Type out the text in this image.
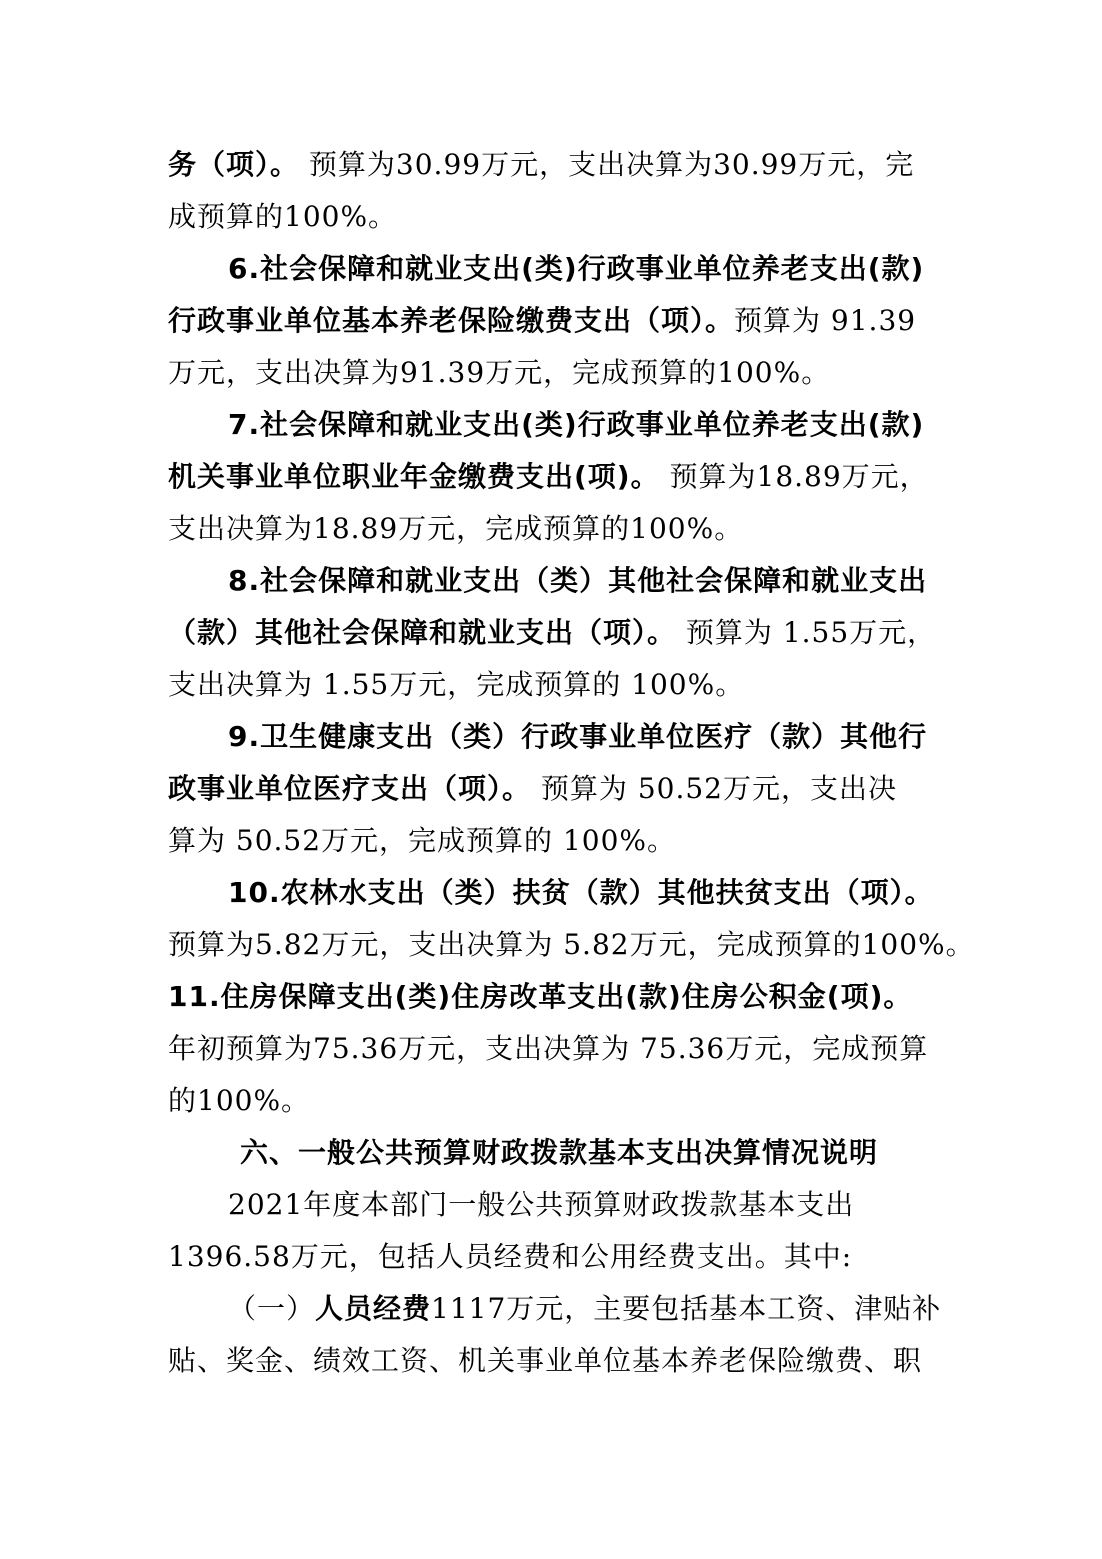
务（项）。 预算为30.99万元，支出决算为30.99万元，完
成预算的100%。
6.社会保障和就业支出(类)行政事业单位养老支出(款)
行政事业单位基本养老保险缴费支出（项）。预算为 91.39
万元，支出决算为91.39万元，完成预算的100%。
7.社会保障和就业支出(类)行政事业单位养老支出(款)
机关事业单位职业年金缴费支出(项)。 预算为18.89万元，
支出决算为18.89万元，完成预算的100%。
8.社会保障和就业支出（类）其他社会保障和就业支出
（款）其他社会保障和就业支出（项）。 预算为 1.55万元，
支出决算为 1.55万元，完成预算的 100%。
9.卫生健康支出（类）行政事业单位医疗（款）其他行
政事业单位医疗支出（项）。 预算为 50.52万元，支出决
算为 50.52万元，完成预算的 100%。
10.农林水支出（类）扶贫（款）其他扶贫支出（项）。
预算为5.82万元，支出决算为 5.82万元，完成预算的100%。
11.住房保障支出(类)住房改革支出(款)住房公积金(项)。
年初预算为75.36万元，支出决算为 75.36万元，完成预算
的100%。
六、一般公共预算财政拨款基本支出决算情况说明
2021年度本部门一般公共预算财政拨款基本支出
1396.58万元，包括人员经费和公用经费支出。其中:
（一）人员经费1117万元，主要包括基本工资、津贴补
贴、奖金、绩效工资、机关事业单位基本养老保险缴费、职
